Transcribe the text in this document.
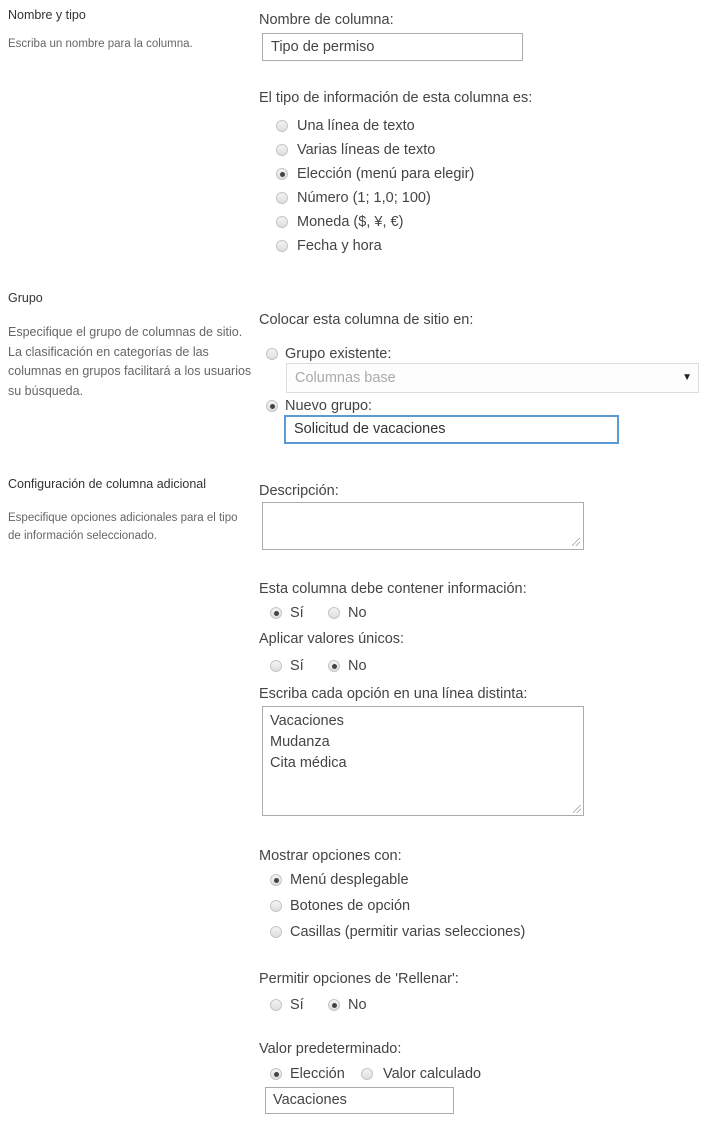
Nombre y tipo
Escriba un nombre para la columna.
Nombre de columna:
Tipo de permiso
El tipo de información de esta columna es:
Una línea de texto
Varias líneas de texto
Elección (menú para elegir)
Número (1; 1,0; 100)
Moneda ($, ¥, €)
Fecha y hora
Grupo
Especifique el grupo de columnas de sitio. La clasificación en categorías de las columnas en grupos facilitará a los usuarios su búsqueda.
Colocar esta columna de sitio en:
Grupo existente:
Columnas base	▼
Nuevo grupo:
Solicitud de vacaciones
Configuración de columna adicional
Especifique opciones adicionales para el tipo de información seleccionado.
Descripción:
Esta columna debe contener información:
Sí	No
Aplicar valores únicos:
Sí	No
Escriba cada opción en una línea distinta:
Vacaciones
Mudanza
Cita médica
Mostrar opciones con:
Menú desplegable
Botones de opción
Casillas (permitir varias selecciones)
Permitir opciones de 'Rellenar':
Sí	No
Valor predeterminado:
Elección	Valor calculado
Vacaciones
